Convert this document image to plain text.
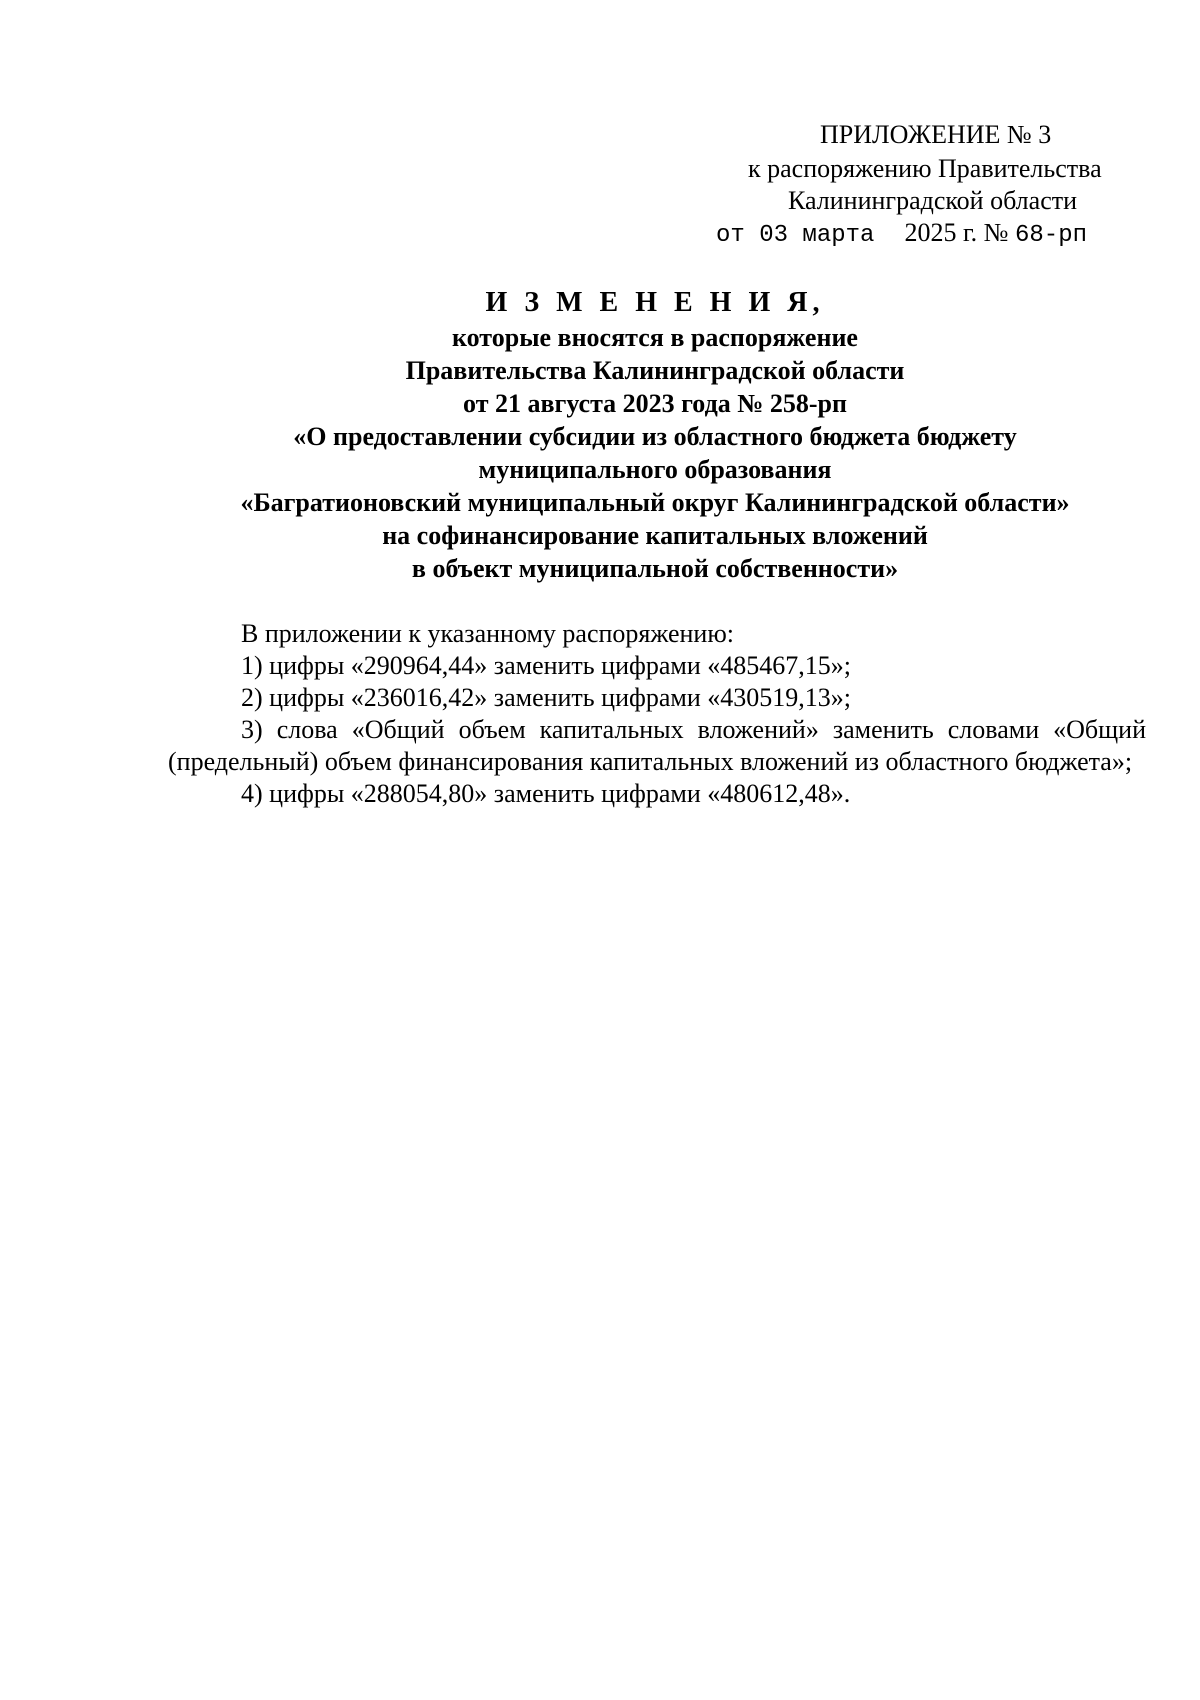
ПРИЛОЖЕНИЕ № 3
к распоряжению Правительства
Калининградской области
от 03 марта 2025 г. № 68-рп
И З М Е Н Е Н И Я,
которые вносятся в распоряжение
Правительства Калининградской области
от 21 августа 2023 года № 258-рп
«О предоставлении субсидии из областного бюджета бюджету
муниципального образования
«Багратионовский муниципальный округ Калининградской области»
на софинансирование капитальных вложений
в объект муниципальной собственности»

В приложении к указанному распоряжению:

1) цифры «290964,44» заменить цифрами «485467,15»;

2) цифры «236016,42» заменить цифрами «430519,13»;

3) слова «Общий объем капитальных вложений» заменить словами «Общий (предельный) объем финансирования капитальных вложений из областного бюджета»;

4) цифры «288054,80» заменить цифрами «480612,48».
